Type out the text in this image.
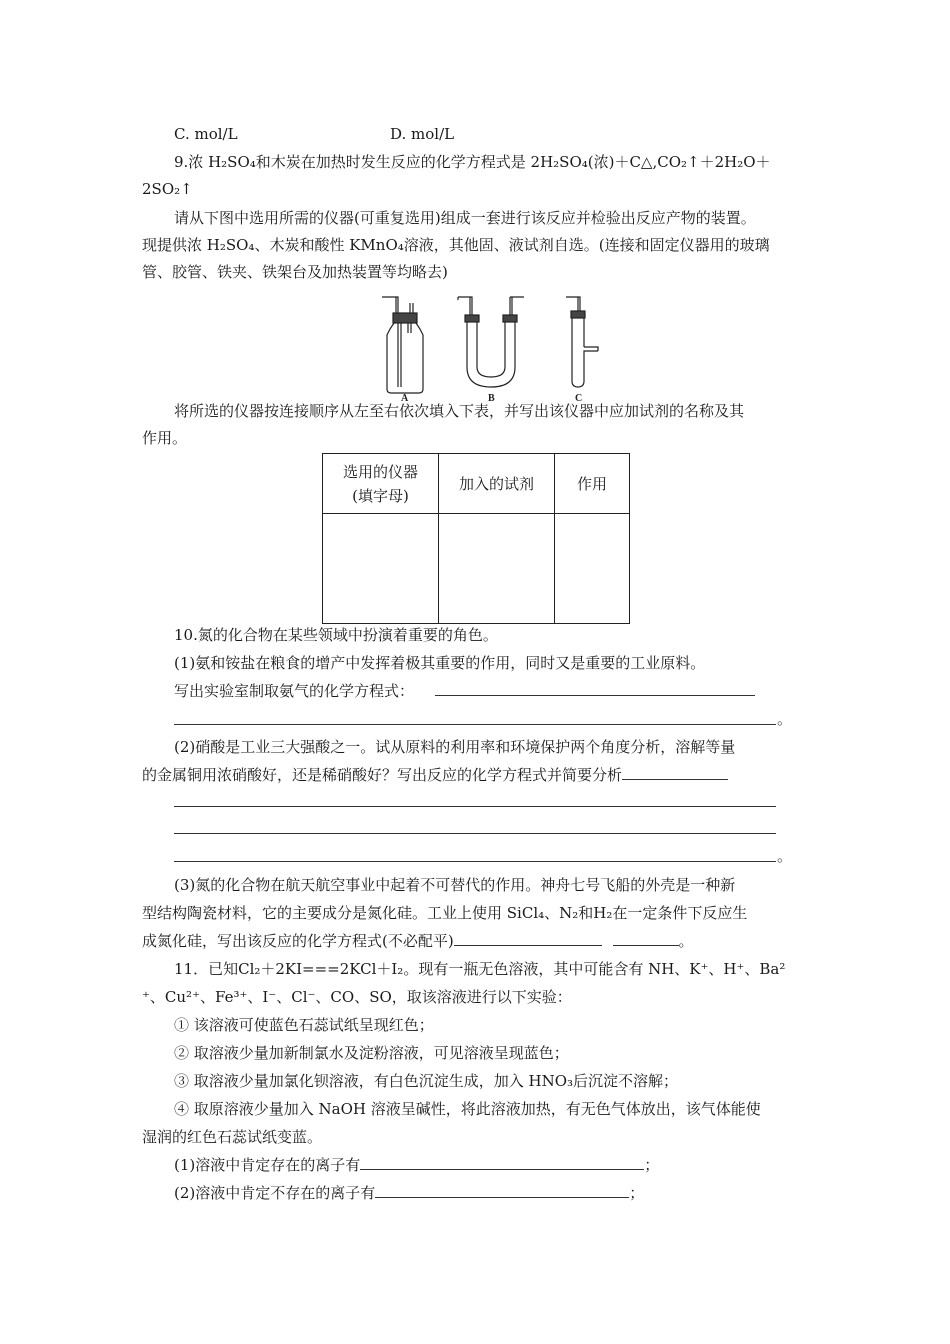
C. mol/L	D. mol/L
9.浓 H₂SO₄和木炭在加热时发生反应的化学方程式是 2H₂SO₄(浓)＋C△,CO₂↑＋2H₂O＋
2SO₂↑
请从下图中选用所需的仪器(可重复选用)组成一套进行该反应并检验出反应产物的装置。
现提供浓 H₂SO₄、木炭和酸性 KMnO₄溶液，其他固、液试剂自选。(连接和固定仪器用的玻璃
管、胶管、铁夹、铁架台及加热装置等均略去)
A	B	C
将所选的仪器按连接顺序从左至右依次填入下表，并写出该仪器中应加试剂的名称及其
作用。
选用的仪器
(填字母)	加入的试剂	作用

10.氮的化合物在某些领域中扮演着重要的角色。
(1)氨和铵盐在粮食的增产中发挥着极其重要的作用，同时又是重要的工业原料。
写出实验室制取氨气的化学方程式：
。
(2)硝酸是工业三大强酸之一。试从原料的利用率和环境保护两个角度分析，溶解等量
的金属铜用浓硝酸好，还是稀硝酸好？写出反应的化学方程式并简要分析
。
(3)氮的化合物在航天航空事业中起着不可替代的作用。神舟七号飞船的外壳是一种新
型结构陶瓷材料，它的主要成分是氮化硅。工业上使用 SiCl₄、N₂和H₂在一定条件下反应生
成氮化硅，写出该反应的化学方程式(不必配平)	。
11．已知Cl₂＋2KI===2KCl＋I₂。现有一瓶无色溶液，其中可能含有 NH、K⁺、H⁺、Ba²
⁺、Cu²⁺、Fe³⁺、I⁻、Cl⁻、CO、SO，取该溶液进行以下实验：
① 该溶液可使蓝色石蕊试纸呈现红色；
② 取溶液少量加新制氯水及淀粉溶液，可见溶液呈现蓝色；
③ 取溶液少量加氯化钡溶液，有白色沉淀生成，加入 HNO₃后沉淀不溶解；
④ 取原溶液少量加入 NaOH 溶液呈碱性，将此溶液加热，有无色气体放出，该气体能使
湿润的红色石蕊试纸变蓝。
(1)溶液中肯定存在的离子有	；
(2)溶液中肯定不存在的离子有	；
